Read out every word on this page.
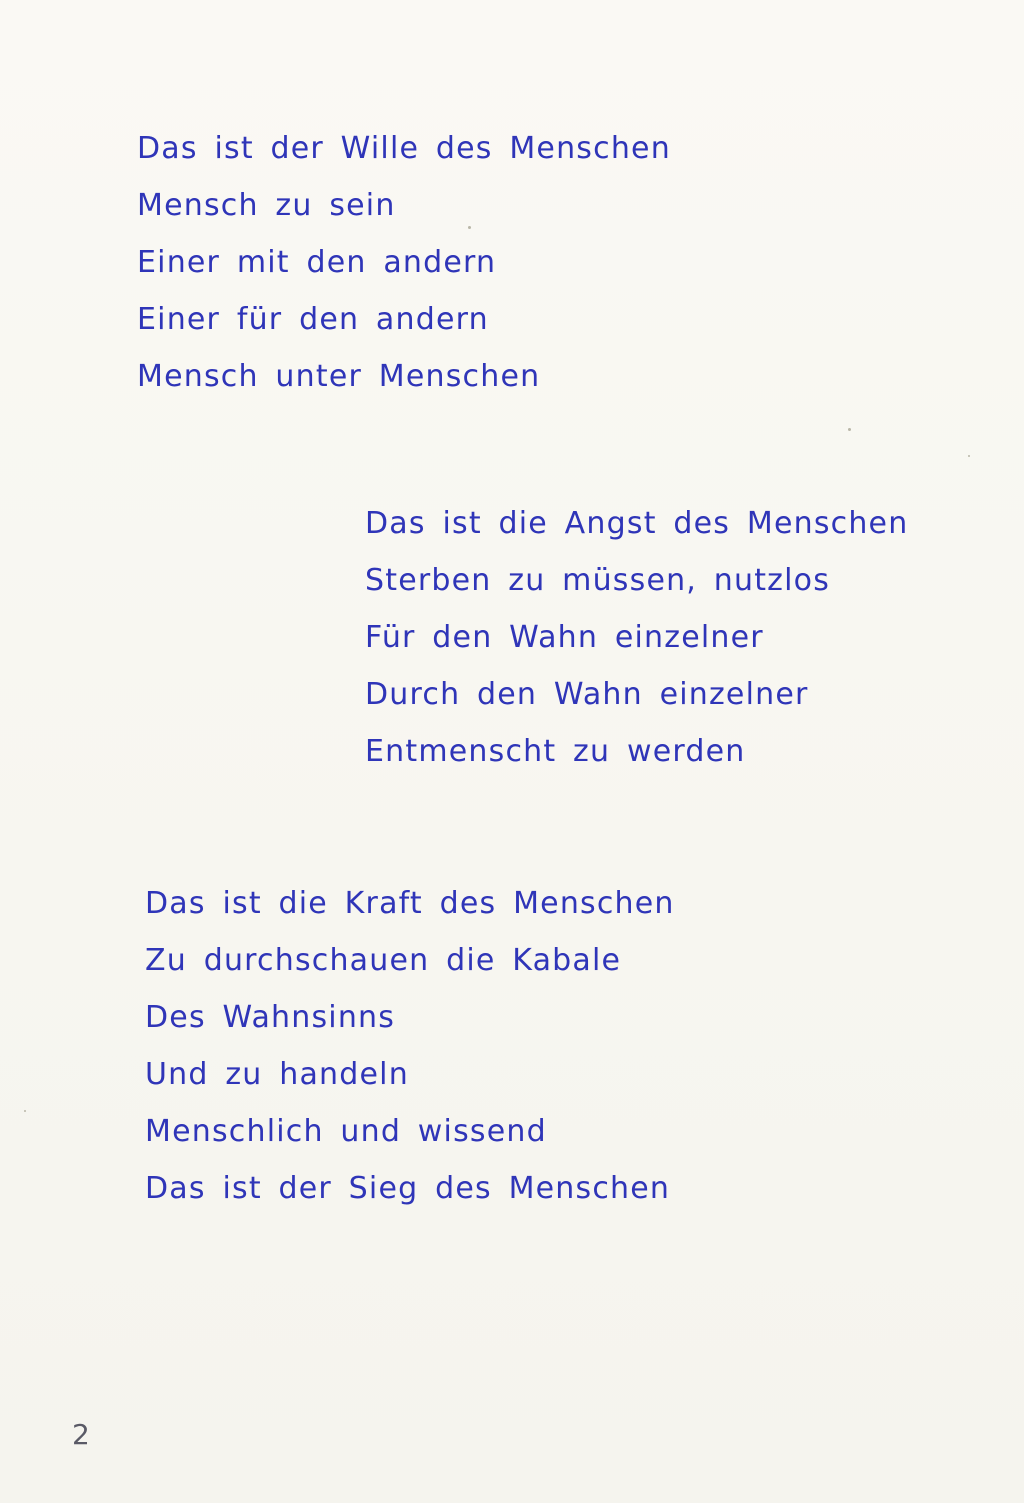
Das ist der Wille des Menschen
Mensch zu sein
Einer mit den andern
Einer für den andern
Mensch unter Menschen
Das ist die Angst des Menschen
Sterben zu müssen, nutzlos
Für den Wahn einzelner
Durch den Wahn einzelner
Entmenscht zu werden
Das ist die Kraft des Menschen
Zu durchschauen die Kabale
Des Wahnsinns
Und zu handeln
Menschlich und wissend
Das ist der Sieg des Menschen
2
